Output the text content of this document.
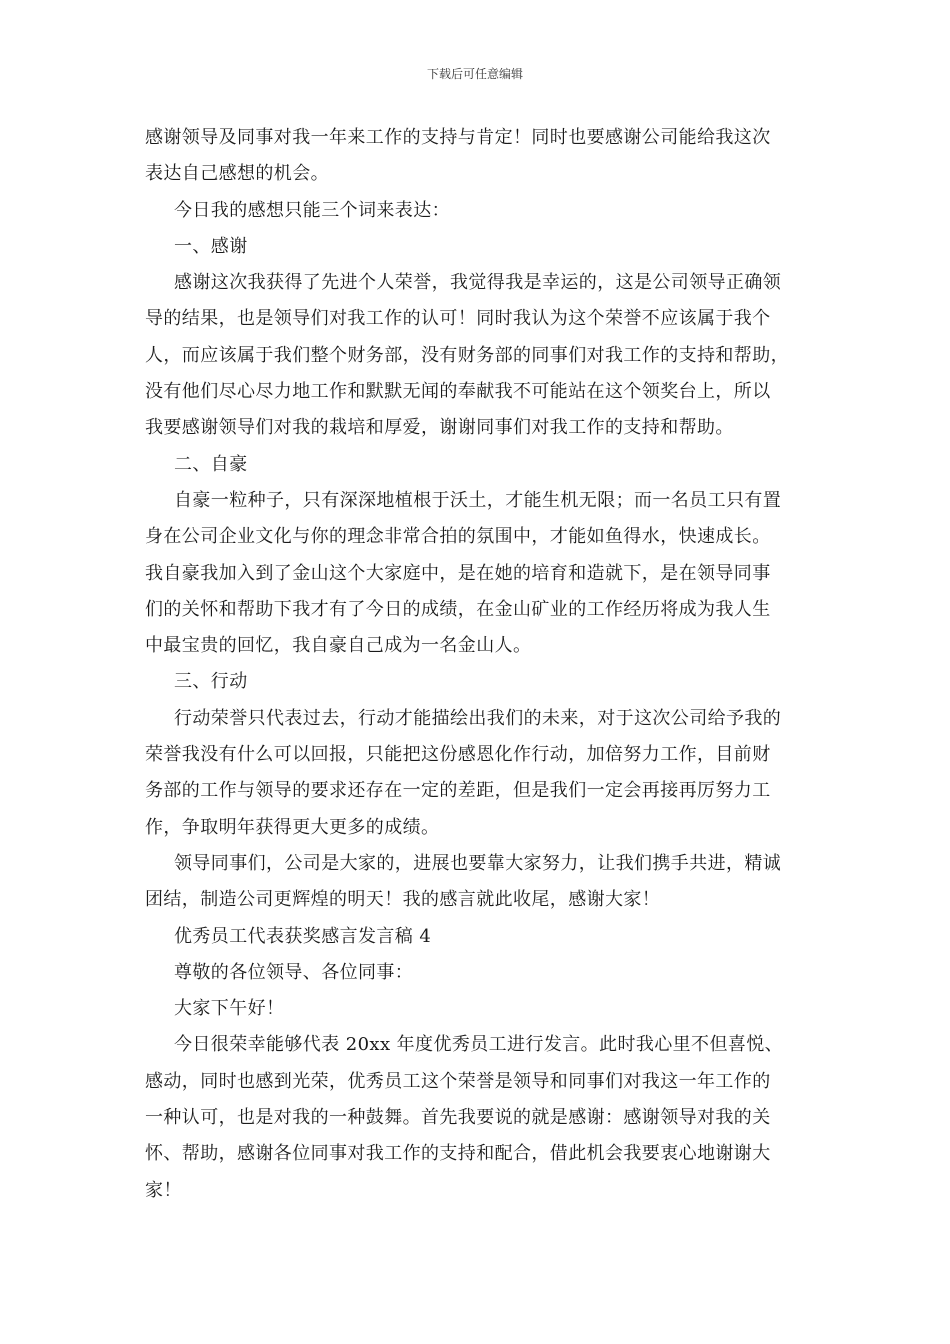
下载后可任意编辑
感谢领导及同事对我一年来工作的支持与肯定！同时也要感谢公司能给我这次
表达自己感想的机会。
今日我的感想只能三个词来表达：
一、感谢
感谢这次我获得了先进个人荣誉，我觉得我是幸运的，这是公司领导正确领
导的结果，也是领导们对我工作的认可！同时我认为这个荣誉不应该属于我个
人，而应该属于我们整个财务部，没有财务部的同事们对我工作的支持和帮助，
没有他们尽心尽力地工作和默默无闻的奉献我不可能站在这个领奖台上，所以
我要感谢领导们对我的栽培和厚爱，谢谢同事们对我工作的支持和帮助。
二、自豪
自豪一粒种子，只有深深地植根于沃土，才能生机无限；而一名员工只有置
身在公司企业文化与你的理念非常合拍的氛围中，才能如鱼得水，快速成长。
我自豪我加入到了金山这个大家庭中，是在她的培育和造就下，是在领导同事
们的关怀和帮助下我才有了今日的成绩，在金山矿业的工作经历将成为我人生
中最宝贵的回忆，我自豪自己成为一名金山人。
三、行动
行动荣誉只代表过去，行动才能描绘出我们的未来，对于这次公司给予我的
荣誉我没有什么可以回报，只能把这份感恩化作行动，加倍努力工作，目前财
务部的工作与领导的要求还存在一定的差距，但是我们一定会再接再厉努力工
作，争取明年获得更大更多的成绩。
领导同事们，公司是大家的，进展也要靠大家努力，让我们携手共进，精诚
团结，制造公司更辉煌的明天！我的感言就此收尾，感谢大家！
优秀员工代表获奖感言发言稿 4
尊敬的各位领导、各位同事：
大家下午好！
今日很荣幸能够代表 20xx 年度优秀员工进行发言。此时我心里不但喜悦、
感动，同时也感到光荣，优秀员工这个荣誉是领导和同事们对我这一年工作的
一种认可，也是对我的一种鼓舞。首先我要说的就是感谢：感谢领导对我的关
怀、帮助，感谢各位同事对我工作的支持和配合，借此机会我要衷心地谢谢大
家！
